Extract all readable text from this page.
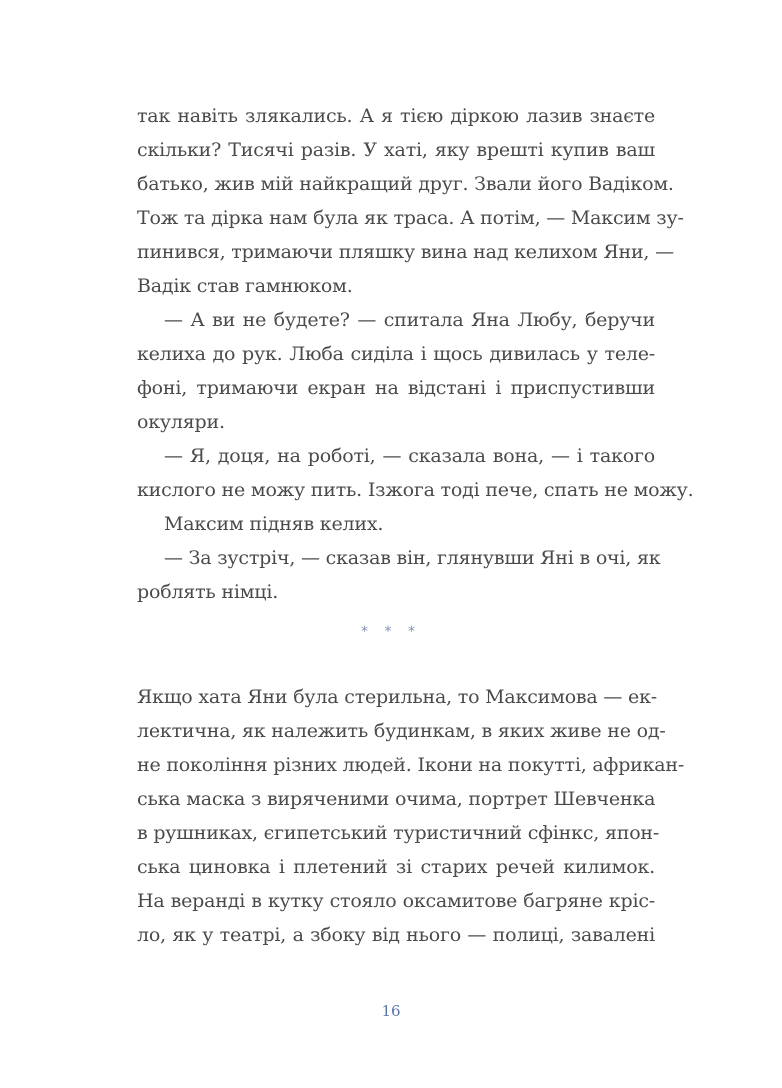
так навіть злякались. А я тією діркою лазив знаєте
скільки? Тисячі разів. У хаті, яку врешті купив ваш
батько, жив мій найкращий друг. Звали його Вадіком.
Тож та дірка нам була як траса. А потім, — Максим зу-
пинився, тримаючи пляшку вина над келихом Яни, —
Вадік став гамнюком.
— А ви не будете? — спитала Яна Любу, беручи
келиха до рук. Люба сиділа і щось дивилась у теле-
фоні, тримаючи екран на відстані і приспустивши
окуляри.
— Я, доця, на роботі, — сказала вона, — і такого
кислого не можу пить. Ізжога тоді пече, спать не можу.
Максим підняв келих.
— За зустріч, — сказав він, глянувши Яні в очі, як
роблять німці.
* * *
Якщо хата Яни була стерильна, то Максимова — ек-
лектична, як належить будинкам, в яких живе не од-
не покоління різних людей. Ікони на покутті, африкан-
ська маска з виряченими очима, портрет Шевченка
в рушниках, єгипетський туристичний сфінкс, япон-
ська циновка і плетений зі старих речей килимок.
На веранді в кутку стояло оксамитове багряне кріс-
ло, як у театрі, а збоку від нього — полиці, завалені
16
